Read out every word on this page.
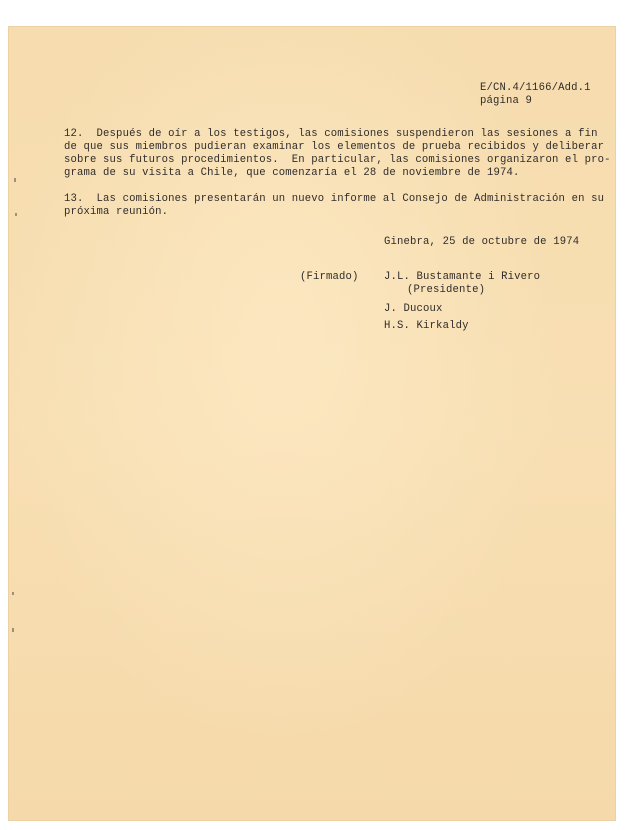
E/CN.4/1166/Add.1
página 9
12.  Después de oír a los testigos, las comisiones suspendieron las sesiones a fin
de que sus miembros pudieran examinar los elementos de prueba recibidos y deliberar
sobre sus futuros procedimientos.  En particular, las comisiones organizaron el pro-
grama de su visita a Chile, que comenzaría el 28 de noviembre de 1974.
13.  Las comisiones presentarán un nuevo informe al Consejo de Administración en su
próxima reunión.
Ginebra, 25 de octubre de 1974
(Firmado) J.L. Bustamante i Rivero
(Presidente)
J. Ducoux
H.S. Kirkaldy
